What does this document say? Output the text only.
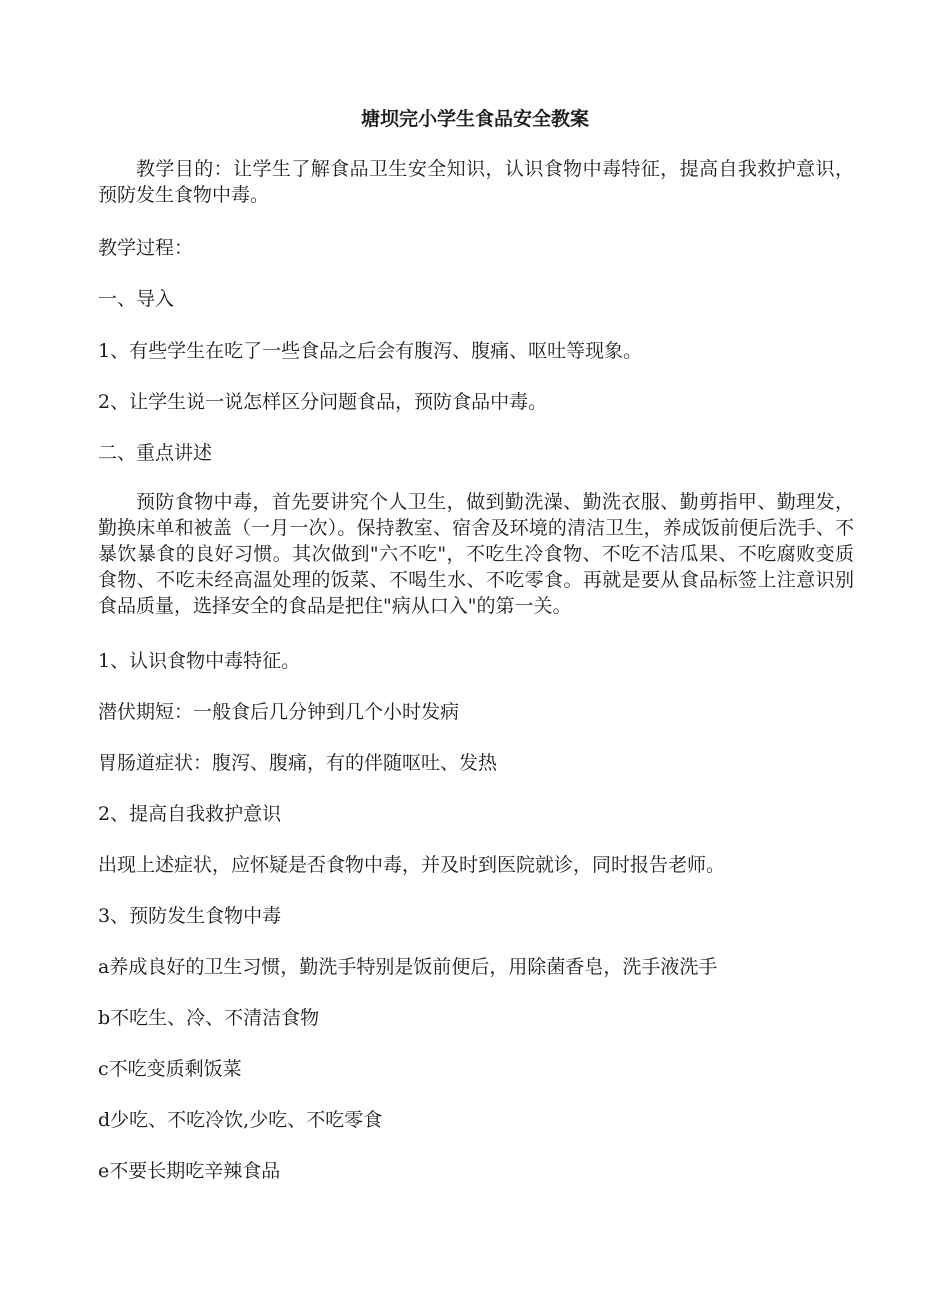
塘坝完小学生食品安全教案
教学目的：让学生了解食品卫生安全知识，认识食物中毒特征，提高自我救护意识，预防发生食物中毒。
教学过程：
一、导入
1、有些学生在吃了一些食品之后会有腹泻、腹痛、呕吐等现象。
2、让学生说一说怎样区分问题食品，预防食品中毒。
二、重点讲述
预防食物中毒，首先要讲究个人卫生，做到勤洗澡、勤洗衣服、勤剪指甲、勤理发，勤换床单和被盖（一月一次）。保持教室、宿舍及环境的清洁卫生，养成饭前便后洗手、不暴饮暴食的良好习惯。其次做到"六不吃"，不吃生冷食物、不吃不洁瓜果、不吃腐败变质食物、不吃未经高温处理的饭菜、不喝生水、不吃零食。再就是要从食品标签上注意识别食品质量，选择安全的食品是把住"病从口入"的第一关。
1、认识食物中毒特征。
潜伏期短：一般食后几分钟到几个小时发病
胃肠道症状：腹泻、腹痛，有的伴随呕吐、发热
2、提高自我救护意识
出现上述症状，应怀疑是否食物中毒，并及时到医院就诊，同时报告老师。
3、预防发生食物中毒
a养成良好的卫生习惯，勤洗手特别是饭前便后，用除菌香皂，洗手液洗手
b不吃生、冷、不清洁食物
c不吃变质剩饭菜
d少吃、不吃冷饮,少吃、不吃零食
e不要长期吃辛辣食品
